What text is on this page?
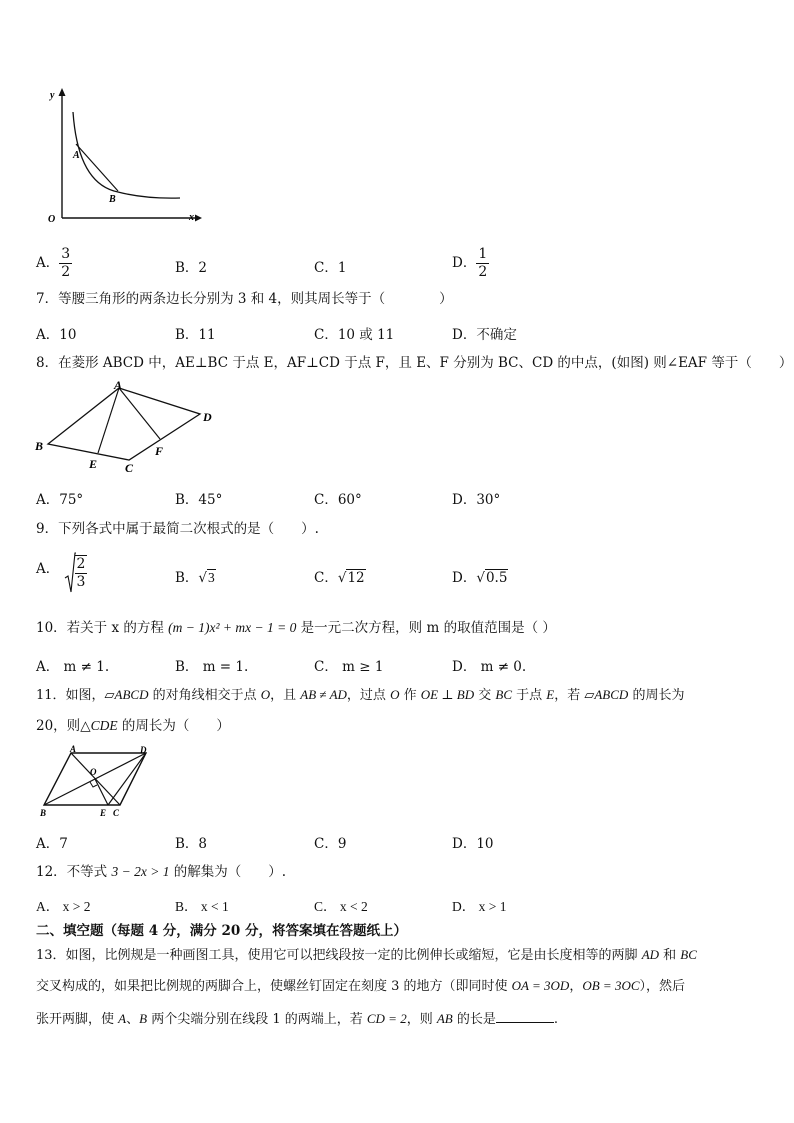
y
x
O
A
B
A． $\frac{3}{2}$	B．2	C．1	D． $\frac{1}{2}$
7．等腰三角形的两条边长分别为 3 和 4，则其周长等于（　　　　）
A．10	B．11	C．10 或 11	D．不确定
8．在菱形 ABCD 中，AE⊥BC 于点 E，AF⊥CD 于点 F，且 E、F 分别为 BC、CD 的中点，(如图) 则∠EAF 等于（　　）
A
B
C
D
E
F
A．75°	B．45°	C．60°	D．30°
9．下列各式中属于最简二次根式的是（　　）.
A． $\frac{2}{3}$	B．√3	C．√12	D．√0.5
10．若关于 x 的方程 (m − 1)x² + mx − 1 = 0 是一元二次方程，则 m 的取值范围是（ ）
A． m ≠ 1.	B． m = 1.	C． m ≥ 1	D． m ≠ 0.
11．如图，▱ABCD 的对角线相交于点 O，且 AB ≠ AD，过点 O 作 OE ⊥ BD 交 BC 于点 E，若 ▱ABCD 的周长为
20，则△CDE 的周长为（　　）
A	D
B	E C
O
A．7	B．8	C．9	D．10
12．不等式 3 − 2x > 1 的解集为（　　）.
A． x > 2	B． x < 1	C． x < 2	D． x > 1
二、填空题（每题 4 分，满分 20 分，将答案填在答题纸上）
13．如图，比例规是一种画图工具，使用它可以把线段按一定的比例伸长或缩短，它是由长度相等的两脚 AD 和 BC
交叉构成的，如果把比例规的两脚合上，使螺丝钉固定在刻度 3 的地方（即同时使 OA = 3OD，OB = 3OC），然后
张开两脚，使 A、B 两个尖端分别在线段 1 的两端上，若 CD = 2，则 AB 的长是	.
